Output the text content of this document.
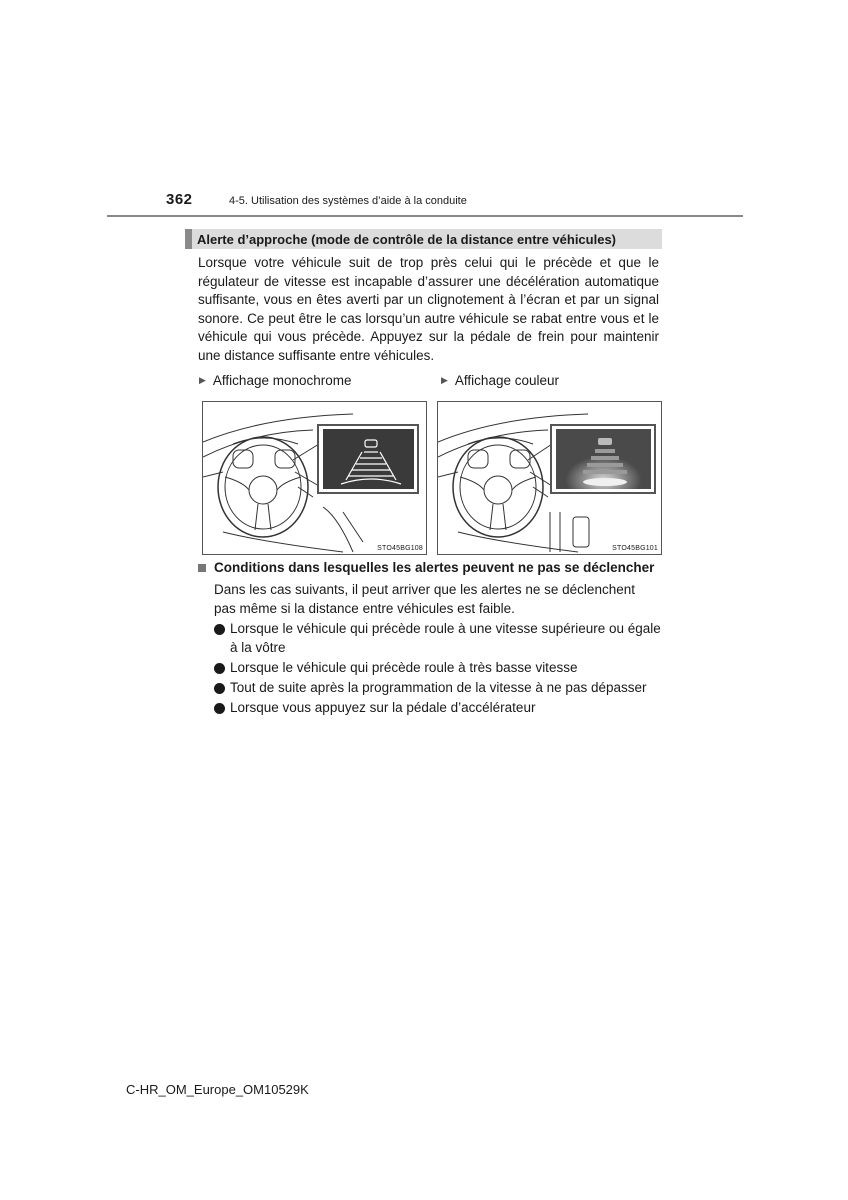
362	4-5. Utilisation des systèmes d’aide à la conduite
Alerte d’approche (mode de contrôle de la distance entre véhicules)
Lorsque votre véhicule suit de trop près celui qui le précède et que le régulateur de vitesse est incapable d’assurer une décélération automatique suffisante, vous en êtes averti par un clignotement à l’écran et par un signal sonore. Ce peut être le cas lorsqu’un autre véhicule se rabat entre vous et le véhicule qui vous précède. Appuyez sur la pédale de frein pour maintenir une distance suffisante entre véhicules.
▶ Affichage monochrome	▶ Affichage couleur
STO45BG108	STO45BG101
Conditions dans lesquelles les alertes peuvent ne pas se déclencher
Dans les cas suivants, il peut arriver que les alertes ne se déclenchent pas même si la distance entre véhicules est faible.
Lorsque le véhicule qui précède roule à une vitesse supérieure ou égale à la vôtre
Lorsque le véhicule qui précède roule à très basse vitesse
Tout de suite après la programmation de la vitesse à ne pas dépasser
Lorsque vous appuyez sur la pédale d’accélérateur
C-HR_OM_Europe_OM10529K
